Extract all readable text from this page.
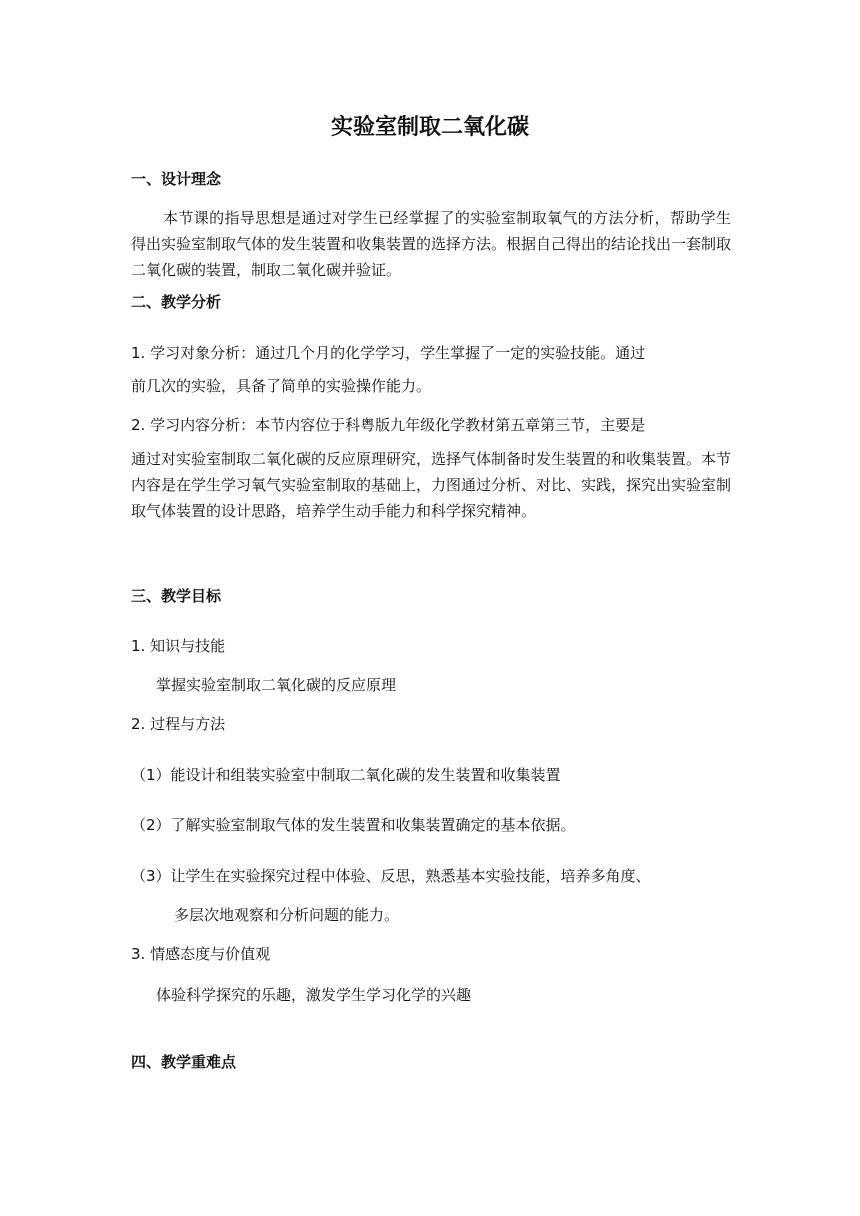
实验室制取二氧化碳
一、设计理念
本节课的指导思想是通过对学生已经掌握了的实验室制取氧气的方法分析，帮助学生得出实验室制取气体的发生装置和收集装置的选择方法。根据自己得出的结论找出一套制取二氧化碳的装置，制取二氧化碳并验证。
二、教学分析
1. 学习对象分析：通过几个月的化学学习，学生掌握了一定的实验技能。通过
前几次的实验，具备了简单的实验操作能力。
2. 学习内容分析：本节内容位于科粤版九年级化学教材第五章第三节，主要是
通过对实验室制取二氧化碳的反应原理研究，选择气体制备时发生装置的和收集装置。本节内容是在学生学习氧气实验室制取的基础上，力图通过分析、对比、实践，探究出实验室制取气体装置的设计思路，培养学生动手能力和科学探究精神。
三、教学目标
1. 知识与技能
掌握实验室制取二氧化碳的反应原理
2. 过程与方法
（1）能设计和组装实验室中制取二氧化碳的发生装置和收集装置
（2）了解实验室制取气体的发生装置和收集装置确定的基本依据。
（3）让学生在实验探究过程中体验、反思，熟悉基本实验技能，培养多角度、
多层次地观察和分析问题的能力。
3. 情感态度与价值观
体验科学探究的乐趣，激发学生学习化学的兴趣
四、教学重难点
